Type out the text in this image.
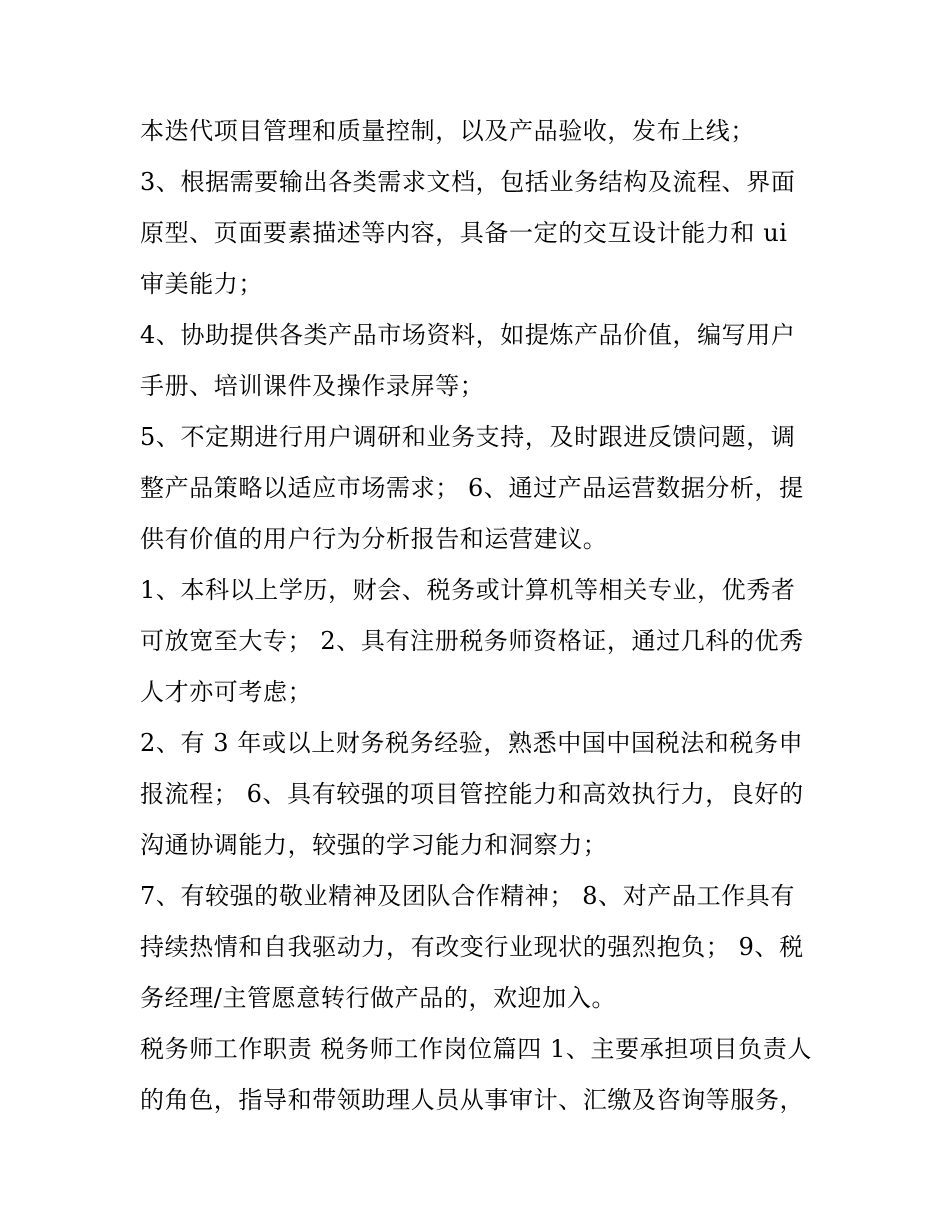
本迭代项目管理和质量控制，以及产品验收，发布上线；
3、根据需要输出各类需求文档，包括业务结构及流程、界面
原型、页面要素描述等内容，具备一定的交互设计能力和 ui
审美能力；
4、协助提供各类产品市场资料，如提炼产品价值，编写用户
手册、培训课件及操作录屏等；
5、不定期进行用户调研和业务支持，及时跟进反馈问题，调
整产品策略以适应市场需求； 6、通过产品运营数据分析，提
供有价值的用户行为分析报告和运营建议。
1、本科以上学历，财会、税务或计算机等相关专业，优秀者
可放宽至大专； 2、具有注册税务师资格证，通过几科的优秀
人才亦可考虑；
2、有 3 年或以上财务税务经验，熟悉中国中国税法和税务申
报流程； 6、具有较强的项目管控能力和高效执行力，良好的
沟通协调能力，较强的学习能力和洞察力；
7、有较强的敬业精神及团队合作精神； 8、对产品工作具有
持续热情和自我驱动力，有改变行业现状的强烈抱负； 9、税
务经理/主管愿意转行做产品的，欢迎加入。
税务师工作职责 税务师工作岗位篇四 1、主要承担项目负责人
的角色，指导和带领助理人员从事审计、汇缴及咨询等服务，
